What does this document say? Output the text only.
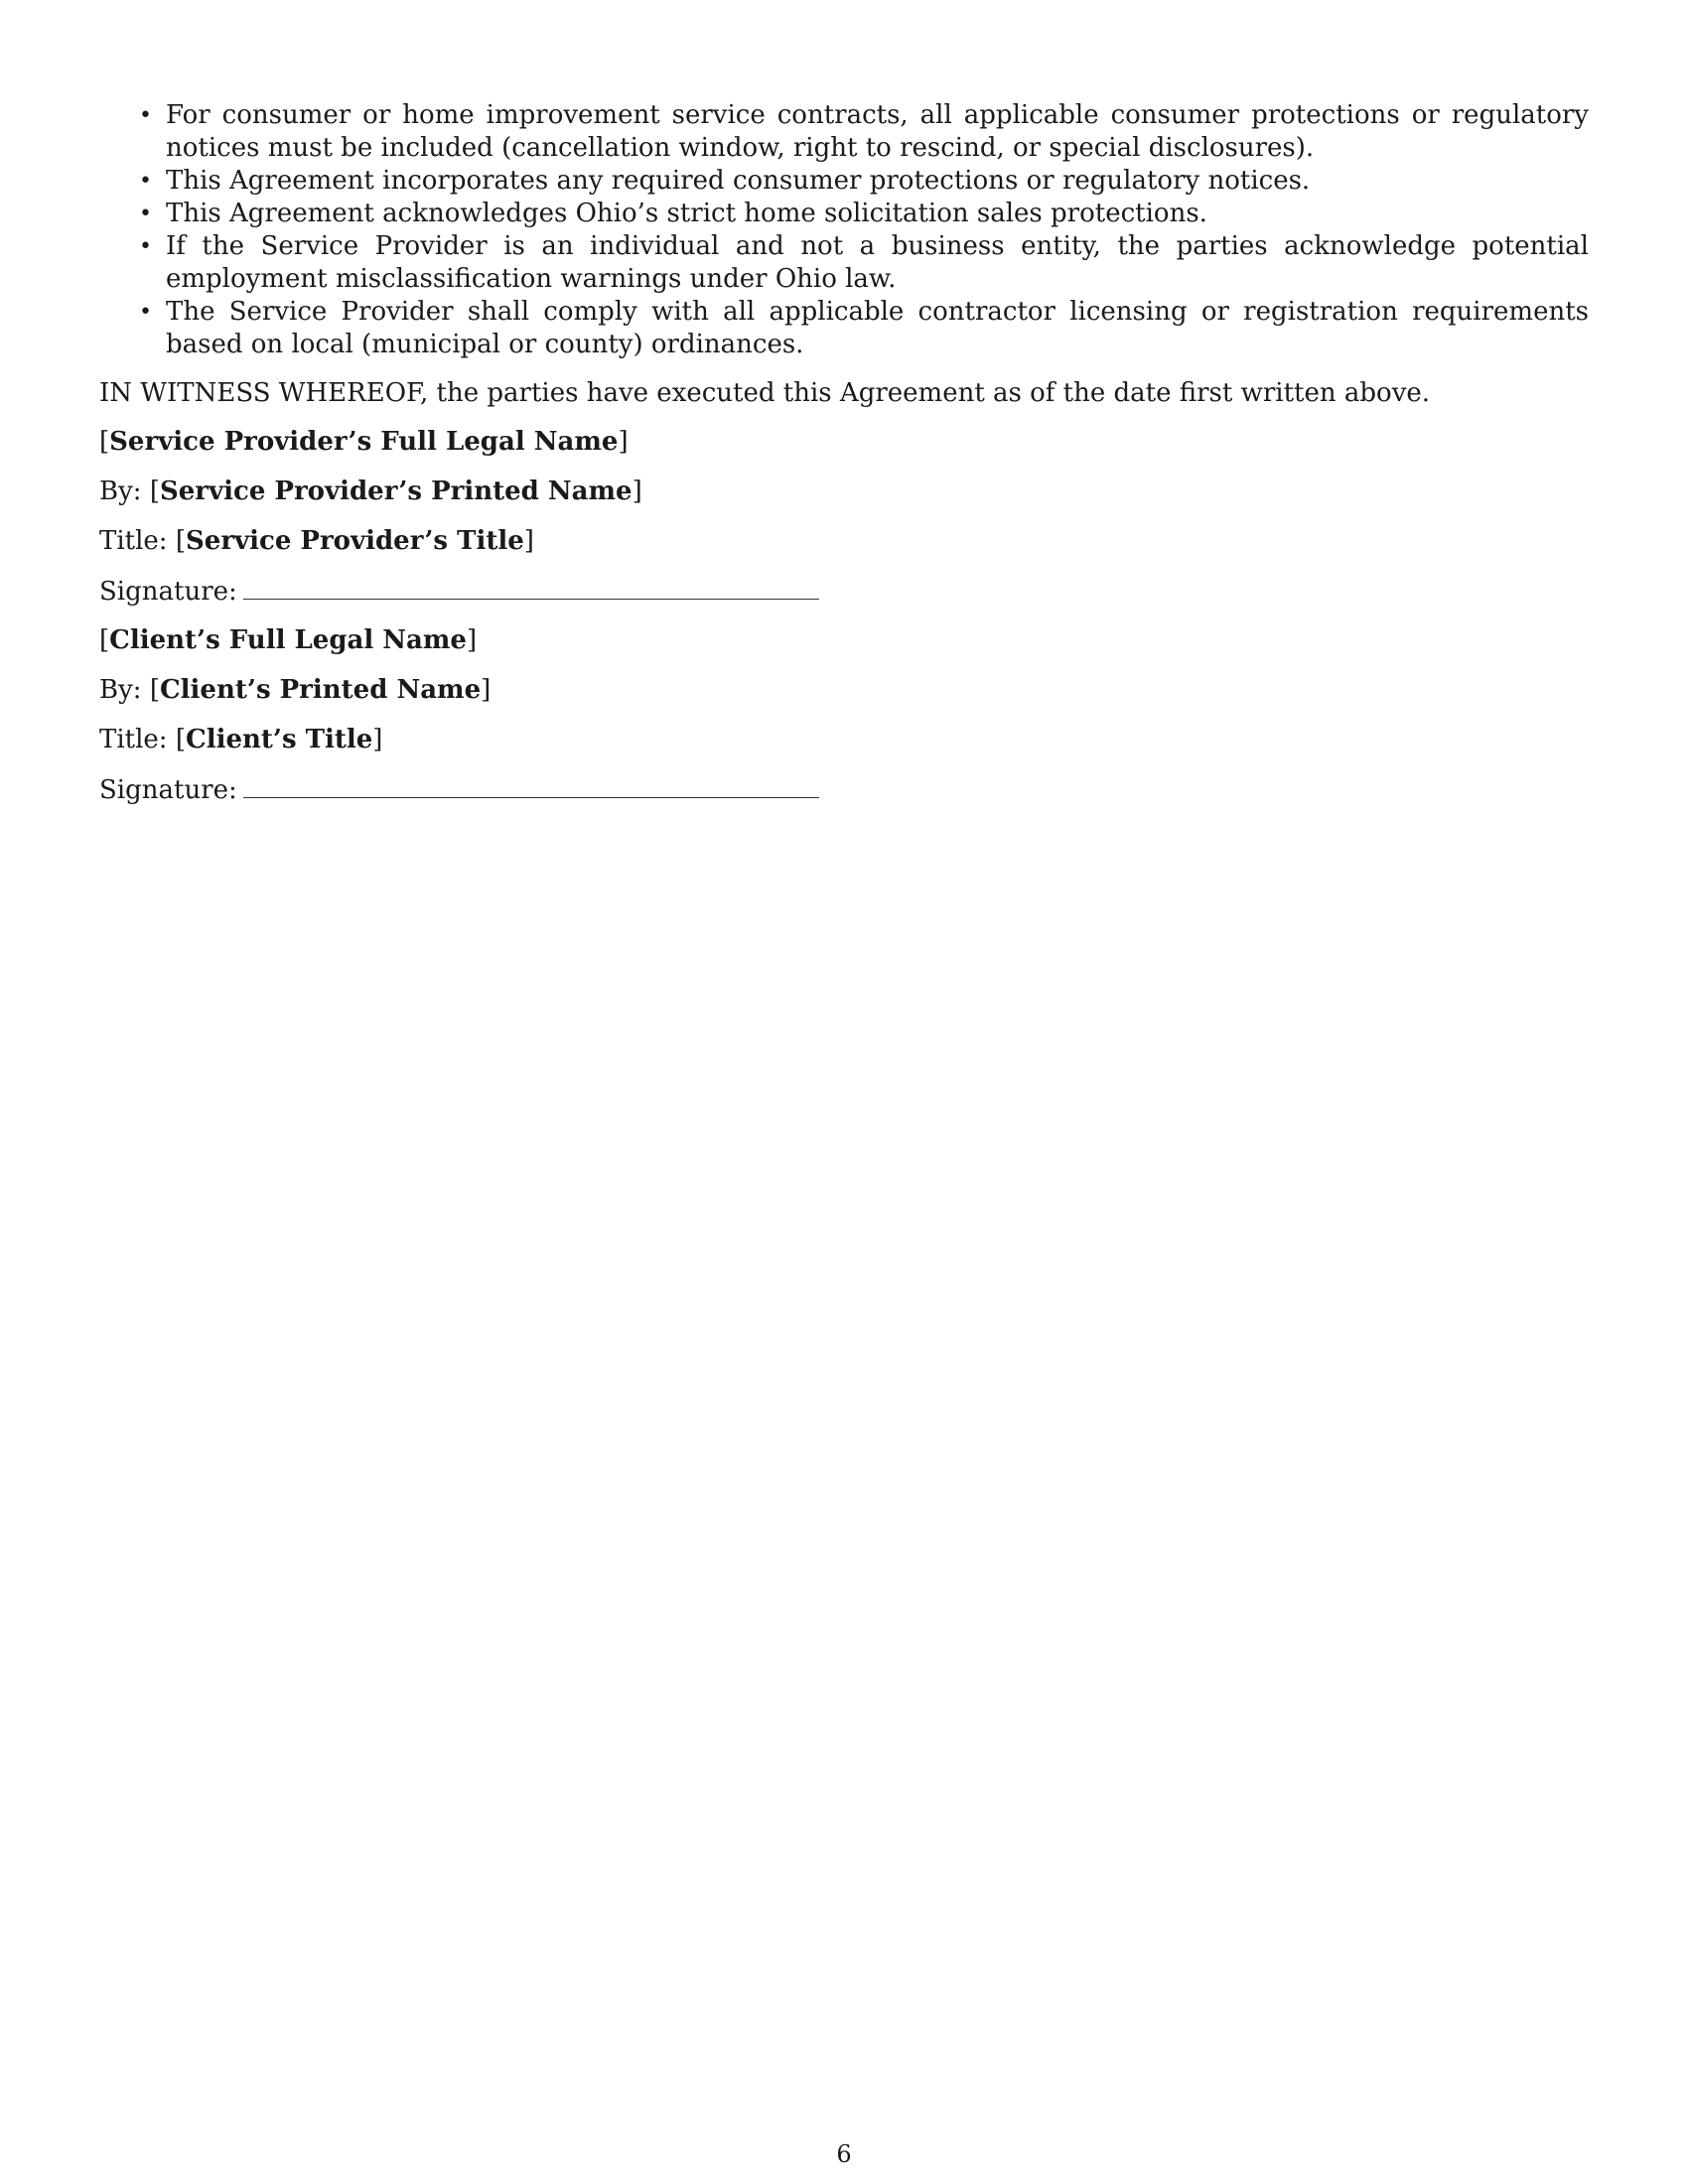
• For consumer or home improvement service contracts, all applicable consumer protections or regulatory notices must be included (cancellation window, right to rescind, or special disclosures).
• This Agreement incorporates any required consumer protections or regulatory notices.
• This Agreement acknowledges Ohio’s strict home solicitation sales protections.
• If the Service Provider is an individual and not a business entity, the parties acknowledge potential employment misclassification warnings under Ohio law.
• The Service Provider shall comply with all applicable contractor licensing or registration requirements based on local (municipal or county) ordinances.

IN WITNESS WHEREOF, the parties have executed this Agreement as of the date first written above.

[Service Provider’s Full Legal Name]
By: [Service Provider’s Printed Name]
Title: [Service Provider’s Title]
Signature:
[Client’s Full Legal Name]
By: [Client’s Printed Name]
Title: [Client’s Title]
Signature:
6
